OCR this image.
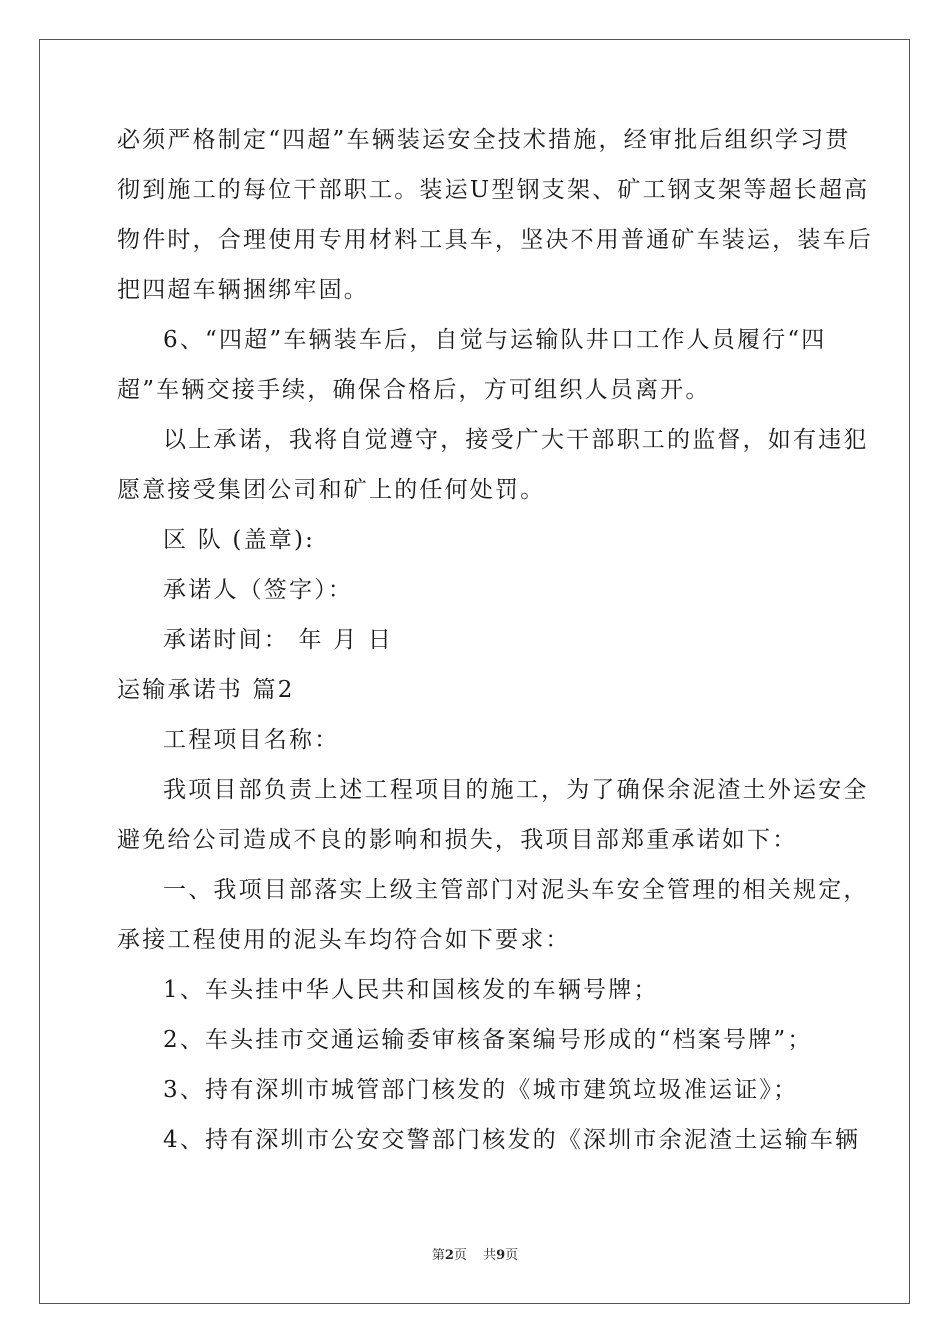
必须严格制定“四超”车辆装运安全技术措施，经审批后组织学习贯
彻到施工的每位干部职工。装运U型钢支架、矿工钢支架等超长超高
物件时，合理使用专用材料工具车，坚决不用普通矿车装运，装车后
把四超车辆捆绑牢固。
6、“四超”车辆装车后，自觉与运输队井口工作人员履行“四
超”车辆交接手续，确保合格后，方可组织人员离开。
以上承诺，我将自觉遵守，接受广大干部职工的监督，如有违犯
愿意接受集团公司和矿上的任何处罚。
区 队 (盖章):
承诺人（签字）：
承诺时间： 年 月 日
运输承诺书 篇2
工程项目名称：
我项目部负责上述工程项目的施工，为了确保余泥渣土外运安全
避免给公司造成不良的影响和损失，我项目部郑重承诺如下：
一、我项目部落实上级主管部门对泥头车安全管理的相关规定，
承接工程使用的泥头车均符合如下要求：
1、车头挂中华人民共和国核发的车辆号牌；
2、车头挂市交通运输委审核备案编号形成的“档案号牌”；
3、持有深圳市城管部门核发的《城市建筑垃圾准运证》；
4、持有深圳市公安交警部门核发的《深圳市余泥渣土运输车辆
第2页 共9页
